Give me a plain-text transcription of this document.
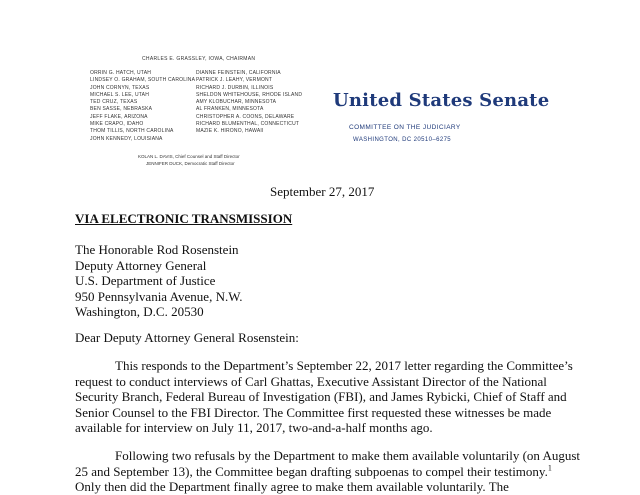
CHARLES E. GRASSLEY, IOWA, CHAIRMAN
ORRIN G. HATCH, UTAH
LINDSEY O. GRAHAM, SOUTH CAROLINA
JOHN CORNYN, TEXAS
MICHAEL S. LEE, UTAH
TED CRUZ, TEXAS
BEN SASSE, NEBRASKA
JEFF FLAKE, ARIZONA
MIKE CRAPO, IDAHO
THOM TILLIS, NORTH CAROLINA
JOHN KENNEDY, LOUISIANA
DIANNE FEINSTEIN, CALIFORNIA
PATRICK J. LEAHY, VERMONT
RICHARD J. DURBIN, ILLINOIS
SHELDON WHITEHOUSE, RHODE ISLAND
AMY KLOBUCHAR, MINNESOTA
AL FRANKEN, MINNESOTA
CHRISTOPHER A. COONS, DELAWARE
RICHARD BLUMENTHAL, CONNECTICUT
MAZIE K. HIRONO, HAWAII
KOLAN L. DAVIS, Chief Counsel and Staff Director
JENNIFER DUCK, Democratic Staff Director
United States Senate
COMMITTEE ON THE JUDICIARY
WASHINGTON, DC 20510–6275
September 27, 2017
VIA ELECTRONIC TRANSMISSION
The Honorable Rod Rosenstein
Deputy Attorney General
U.S. Department of Justice
950 Pennsylvania Avenue, N.W.
Washington, D.C. 20530
Dear Deputy Attorney General Rosenstein:
This responds to the Department’s September 22, 2017 letter regarding the Committee’s
request to conduct interviews of Carl Ghattas, Executive Assistant Director of the National
Security Branch, Federal Bureau of Investigation (FBI), and James Rybicki, Chief of Staff and
Senior Counsel to the FBI Director. The Committee first requested these witnesses be made
available for interview on July 11, 2017, two-and-a-half months ago.
Following two refusals by the Department to make them available voluntarily (on August
25 and September 13), the Committee began drafting subpoenas to compel their testimony.$^1$
Only then did the Department finally agree to make them available voluntarily. The
